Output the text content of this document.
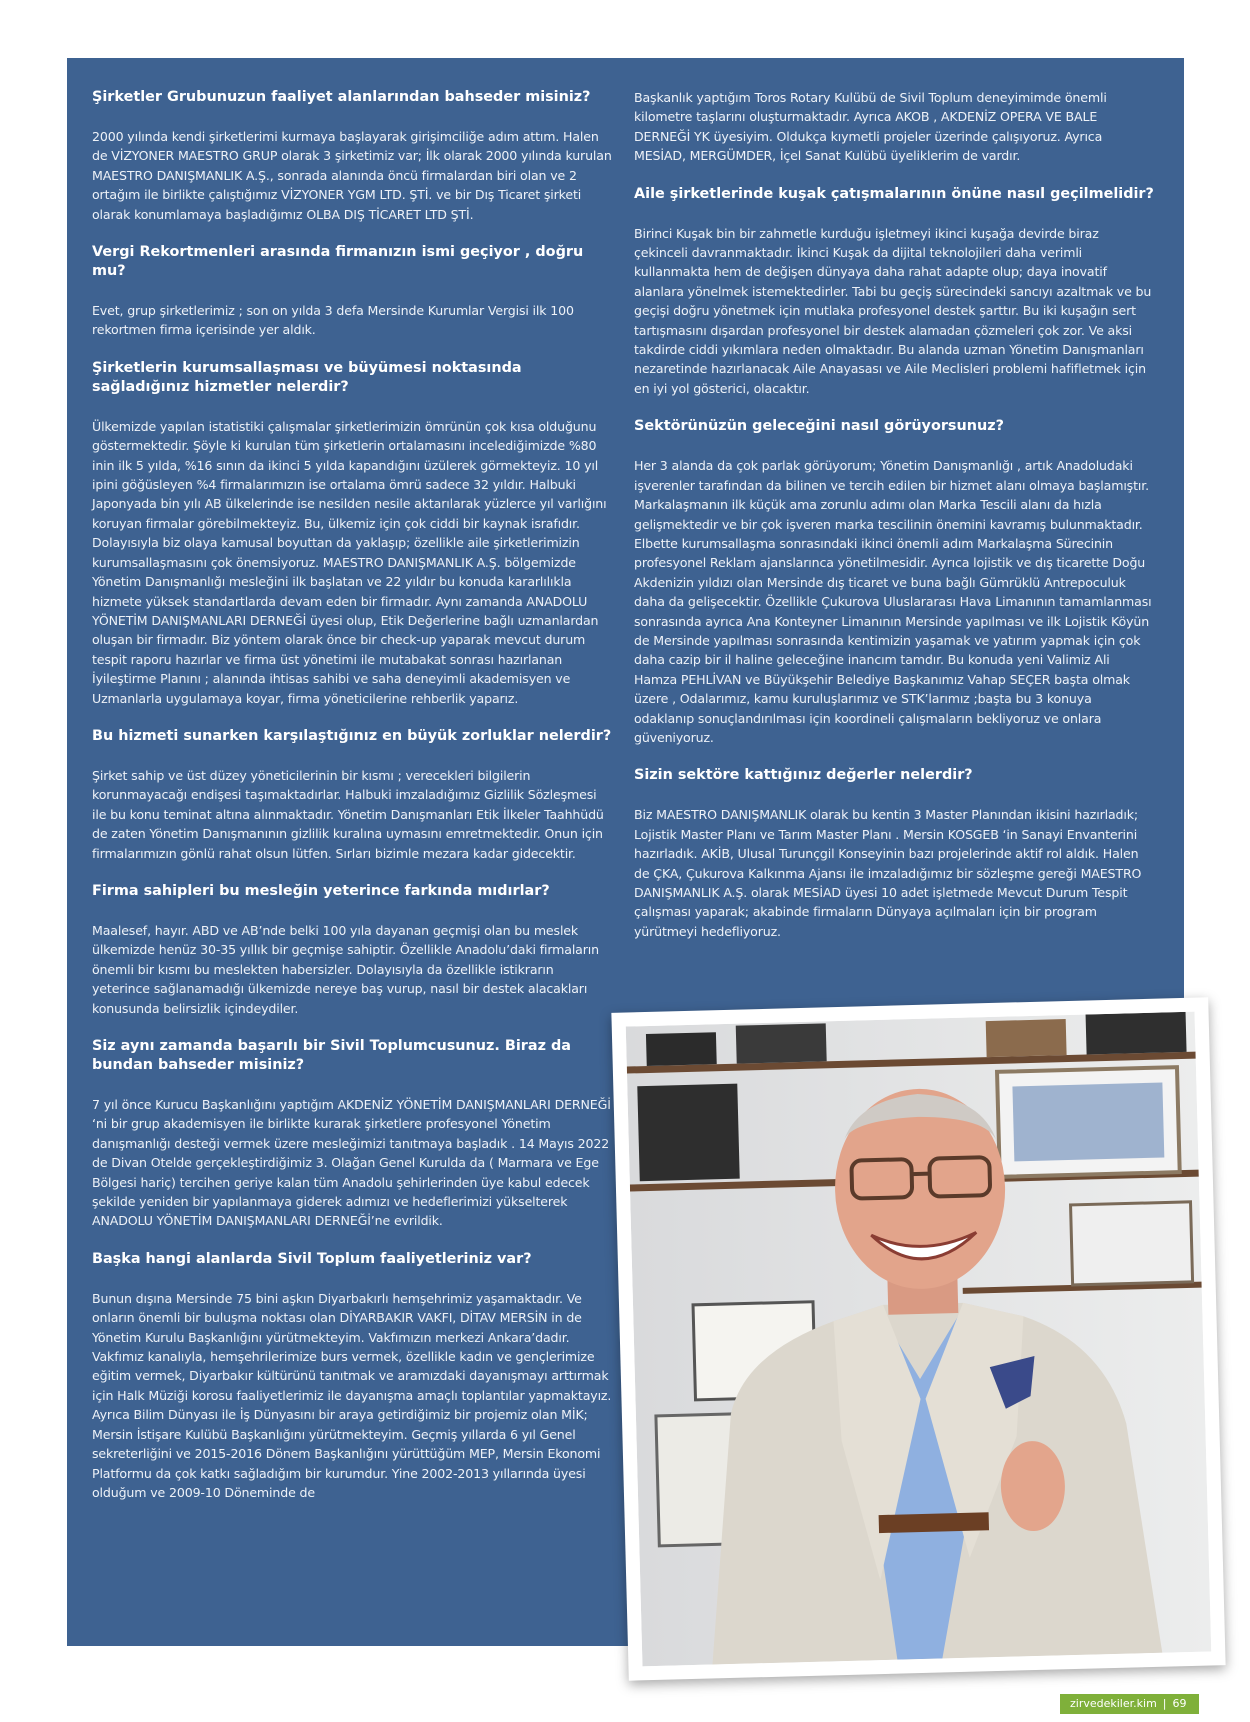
Şirketler Grubunuzun faaliyet alanlarından bahseder misiniz?
2000 yılında kendi şirketlerimi kurmaya başlayarak girişimciliğe adım attım. Halen de VİZYONER MAESTRO GRUP olarak 3 şirketimiz var; İlk olarak 2000 yılında kurulan MAESTRO DANIŞMANLIK A.Ş., sonrada alanında öncü firmalardan biri olan ve 2 ortağım ile birlikte çalıştığımız VİZYONER YGM LTD. ŞTİ. ve bir Dış Ticaret şirketi olarak konumlamaya başladığımız OLBA DIŞ TİCARET LTD ŞTİ.
Vergi Rekortmenleri arasında firmanızın ismi geçiyor , doğru mu?
Evet, grup şirketlerimiz ; son on yılda 3 defa Mersinde Kurumlar Vergisi ilk 100 rekortmen firma içerisinde yer aldık.
Şirketlerin kurumsallaşması ve büyümesi noktasında sağladığınız hizmetler nelerdir?
Ülkemizde yapılan istatistiki çalışmalar şirketlerimizin ömrünün çok kısa olduğunu göstermektedir. Şöyle ki kurulan tüm şirketlerin ortalamasını incelediğimizde %80 inin ilk 5 yılda, %16 sının da ikinci 5 yılda kapandığını üzülerek görmekteyiz. 10 yıl ipini göğüsleyen %4 firmalarımızın ise ortalama ömrü sadece 32 yıldır. Halbuki Japonyada bin yılı AB ülkelerinde ise nesilden nesile aktarılarak yüzlerce yıl varlığını koruyan firmalar görebilmekteyiz. Bu, ülkemiz için çok ciddi bir kaynak israfıdır. Dolayısıyla biz olaya kamusal boyuttan da yaklaşıp; özellikle aile şirketlerimizin kurumsallaşmasını çok önemsiyoruz. MAESTRO DANIŞMANLIK A.Ş. bölgemizde Yönetim Danışmanlığı mesleğini ilk başlatan ve 22 yıldır bu konuda kararlılıkla hizmete yüksek standartlarda devam eden bir firmadır. Aynı zamanda ANADOLU YÖNETİM DANIŞMANLARI DERNEĞİ üyesi olup, Etik Değerlerine bağlı uzmanlardan oluşan bir firmadır. Biz yöntem olarak önce bir check-up yaparak mevcut durum tespit raporu hazırlar ve firma üst yönetimi ile mutabakat sonrası hazırlanan İyileştirme Planını ; alanında ihtisas sahibi ve saha deneyimli akademisyen ve Uzmanlarla uygulamaya koyar, firma yöneticilerine rehberlik yaparız.
Bu hizmeti sunarken karşılaştığınız en büyük zorluklar nelerdir?
Şirket sahip ve üst düzey yöneticilerinin bir kısmı ; verecekleri bilgilerin korunmayacağı endişesi taşımaktadırlar. Halbuki imzaladığımız Gizlilik Sözleşmesi ile bu konu teminat altına alınmaktadır. Yönetim Danışmanları Etik İlkeler Taahhüdü de zaten Yönetim Danışmanının gizlilik kuralına uymasını emretmektedir. Onun için firmalarımızın gönlü rahat olsun lütfen. Sırları bizimle mezara kadar gidecektir.
Firma sahipleri bu mesleğin yeterince farkında mıdırlar?
Maalesef, hayır. ABD ve AB’nde belki 100 yıla dayanan geçmişi olan bu meslek ülkemizde henüz 30-35 yıllık bir geçmişe sahiptir. Özellikle Anadolu’daki firmaların önemli bir kısmı bu meslekten habersizler. Dolayısıyla da özellikle istikrarın yeterince sağlanamadığı ülkemizde nereye baş vurup, nasıl bir destek alacakları konusunda belirsizlik içindeydiler.
Siz aynı zamanda başarılı bir Sivil Toplumcusunuz. Biraz da bundan bahseder misiniz?
7 yıl önce Kurucu Başkanlığını yaptığım AKDENİZ YÖNETİM DANIŞMANLARI DERNEĞİ ‘ni bir grup akademisyen ile birlikte kurarak şirketlere profesyonel Yönetim danışmanlığı desteği vermek üzere mesleğimizi tanıtmaya başladık . 14 Mayıs 2022 de Divan Otelde gerçekleştirdiğimiz 3. Olağan Genel Kurulda da ( Marmara ve Ege Bölgesi hariç) tercihen geriye kalan tüm Anadolu şehirlerinden üye kabul edecek şekilde yeniden bir yapılanmaya giderek adımızı ve hedeflerimizi yükselterek ANADOLU YÖNETİM DANIŞMANLARI DERNEĞİ’ne evrildik.
Başka hangi alanlarda Sivil Toplum faaliyetleriniz var?
Bunun dışına Mersinde 75 bini aşkın Diyarbakırlı hemşehrimiz yaşamaktadır. Ve onların önemli bir buluşma noktası olan DİYARBAKIR VAKFI, DİTAV MERSİN in de Yönetim Kurulu Başkanlığını yürütmekteyim. Vakfımızın merkezi Ankara’dadır. Vakfımız kanalıyla, hemşehrilerimize burs vermek, özellikle kadın ve gençlerimize eğitim vermek, Diyarbakır kültürünü tanıtmak ve aramızdaki dayanışmayı arttırmak için Halk Müziği korosu faaliyetlerimiz ile dayanışma amaçlı toplantılar yapmaktayız. Ayrıca Bilim Dünyası ile İş Dünyasını bir araya getirdiğimiz bir projemiz olan MİK; Mersin İstişare Kulübü Başkanlığını yürütmekteyim. Geçmiş yıllarda 6 yıl Genel sekreterliğini ve 2015-2016 Dönem Başkanlığını yürüttüğüm MEP, Mersin Ekonomi Platformu da çok katkı sağladığım bir kurumdur. Yine 2002-2013 yıllarında üyesi olduğum ve 2009-10 Döneminde de
Başkanlık yaptığım Toros Rotary Kulübü de Sivil Toplum deneyimimde önemli kilometre taşlarını oluşturmaktadır. Ayrıca AKOB , AKDENİZ OPERA VE BALE DERNEĞİ YK üyesiyim. Oldukça kıymetli projeler üzerinde çalışıyoruz. Ayrıca MESİAD, MERGÜMDER, İçel Sanat Kulübü üyeliklerim de vardır.
Aile şirketlerinde kuşak çatışmalarının önüne nasıl geçilmelidir?
Birinci Kuşak bin bir zahmetle kurduğu işletmeyi ikinci kuşağa devirde biraz çekinceli davranmaktadır. İkinci Kuşak da dijital teknolojileri daha verimli kullanmakta hem de değişen dünyaya daha rahat adapte olup; daya inovatif alanlara yönelmek istemektedirler. Tabi bu geçiş sürecindeki sancıyı azaltmak ve bu geçişi doğru yönetmek için mutlaka profesyonel destek şarttır. Bu iki kuşağın sert tartışmasını dışardan profesyonel bir destek alamadan çözmeleri çok zor. Ve aksi takdirde ciddi yıkımlara neden olmaktadır. Bu alanda uzman Yönetim Danışmanları nezaretinde hazırlanacak Aile Anayasası ve Aile Meclisleri problemi hafifletmek için en iyi yol gösterici, olacaktır.
Sektörünüzün geleceğini nasıl görüyorsunuz?
Her 3 alanda da çok parlak görüyorum; Yönetim Danışmanlığı , artık Anadoludaki işverenler tarafından da bilinen ve tercih edilen bir hizmet alanı olmaya başlamıştır. Markalaşmanın ilk küçük ama zorunlu adımı olan Marka Tescili alanı da hızla gelişmektedir ve bir çok işveren marka tescilinin önemini kavramış bulunmaktadır. Elbette kurumsallaşma sonrasındaki ikinci önemli adım Markalaşma Sürecinin profesyonel Reklam ajanslarınca yönetilmesidir. Ayrıca lojistik ve dış ticarette Doğu Akdenizin yıldızı olan Mersinde dış ticaret ve buna bağlı Gümrüklü Antrepoculuk daha da gelişecektir. Özellikle Çukurova Uluslararası Hava Limanının tamamlanması sonrasında ayrıca Ana Konteyner Limanının Mersinde yapılması ve ilk Lojistik Köyün de Mersinde yapılması sonrasında kentimizin yaşamak ve yatırım yapmak için çok daha cazip bir il haline geleceğine inancım tamdır. Bu konuda yeni Valimiz Ali Hamza PEHLİVAN ve Büyükşehir Belediye Başkanımız Vahap SEÇER başta olmak üzere , Odalarımız, kamu kuruluşlarımız ve STK’larımız ;başta bu 3 konuya odaklanıp sonuçlandırılması için koordineli çalışmaların bekliyoruz ve onlara güveniyoruz.
Sizin sektöre kattığınız değerler nelerdir?
Biz MAESTRO DANIŞMANLIK olarak bu kentin 3 Master Planından ikisini hazırladık; Lojistik Master Planı ve Tarım Master Planı . Mersin KOSGEB ‘in Sanayi Envanterini hazırladık. AKİB, Ulusal Turunçgil Konseyinin bazı projelerinde aktif rol aldık. Halen de ÇKA, Çukurova Kalkınma Ajansı ile imzaladığımız bir sözleşme gereği MAESTRO DANIŞMANLIK A.Ş. olarak MESİAD üyesi 10 adet işletmede Mevcut Durum Tespit çalışması yaparak; akabinde firmaların Dünyaya açılmaları için bir program yürütmeyi hedefliyoruz.
zirvedekiler.kim | 69
